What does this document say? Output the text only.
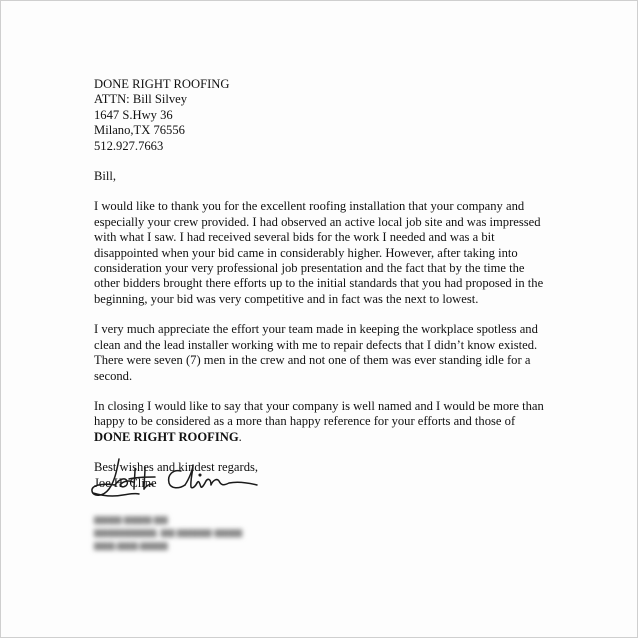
DONE RIGHT ROOFING
ATTN: Bill Silvey
1647 S.Hwy 36
Milano,TX 76556
512.927.7663
Bill,
I would like to thank you for the excellent roofing installation that your company and
especially your crew provided. I had observed an active local job site and was impressed
with what I saw. I had received several bids for the work I needed and was a bit
disappointed when your bid came in considerably higher. However, after taking into
consideration your very professional job presentation and the fact that by the time the
other bidders brought there efforts up to the initial standards that you had proposed in the
beginning, your bid was very competitive and in fact was the next to lowest.
I very much appreciate the effort your team made in keeping the workplace spotless and
clean and the lead installer working with me to repair defects that I didn’t know existed.
There were seven (7) men in the crew and not one of them was ever standing idle for a
second.
In closing I would like to say that your company is well named and I would be more than
happy to be considered as a more than happy reference for your efforts and those of
DONE RIGHT ROOFING.
Best wishes and kindest regards,
Joe H. Cline
▆▆▆▆ ▆▆▆▆ ▆▆
▆▆▆▆▆▆▆▆▆, ▆▆ ▆▆▆▆▆-▆▆▆▆
▆▆▆.▆▆▆.▆▆▆▆
